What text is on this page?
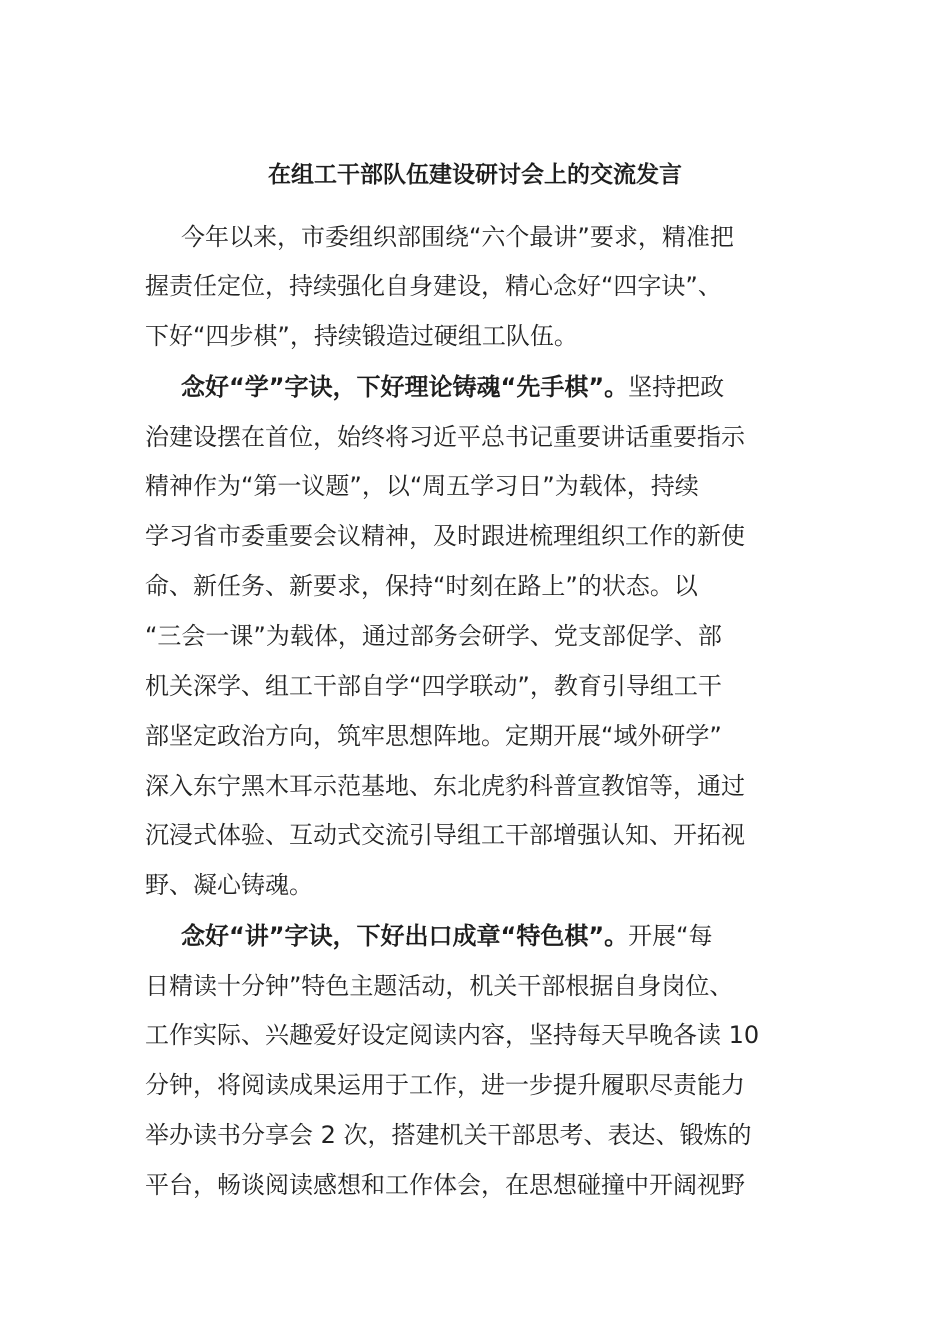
在组工干部队伍建设研讨会上的交流发言
今年以来，市委组织部围绕“六个最讲”要求，精准把
握责任定位，持续强化自身建设，精心念好“四字诀”、
下好“四步棋”，持续锻造过硬组工队伍。
念好“学”字诀，下好理论铸魂“先手棋”。坚持把政
治建设摆在首位，始终将习近平总书记重要讲话重要指示
精神作为“第一议题”，以“周五学习日”为载体，持续
学习省市委重要会议精神，及时跟进梳理组织工作的新使
命、新任务、新要求，保持“时刻在路上”的状态。以
“三会一课”为载体，通过部务会研学、党支部促学、部
机关深学、组工干部自学“四学联动”，教育引导组工干
部坚定政治方向，筑牢思想阵地。定期开展“域外研学”
深入东宁黑木耳示范基地、东北虎豹科普宣教馆等，通过
沉浸式体验、互动式交流引导组工干部增强认知、开拓视
野、凝心铸魂。
念好“讲”字诀，下好出口成章“特色棋”。开展“每
日精读十分钟”特色主题活动，机关干部根据自身岗位、
工作实际、兴趣爱好设定阅读内容，坚持每天早晚各读 10
分钟，将阅读成果运用于工作，进一步提升履职尽责能力
举办读书分享会 2 次，搭建机关干部思考、表达、锻炼的
平台，畅谈阅读感想和工作体会，在思想碰撞中开阔视野
